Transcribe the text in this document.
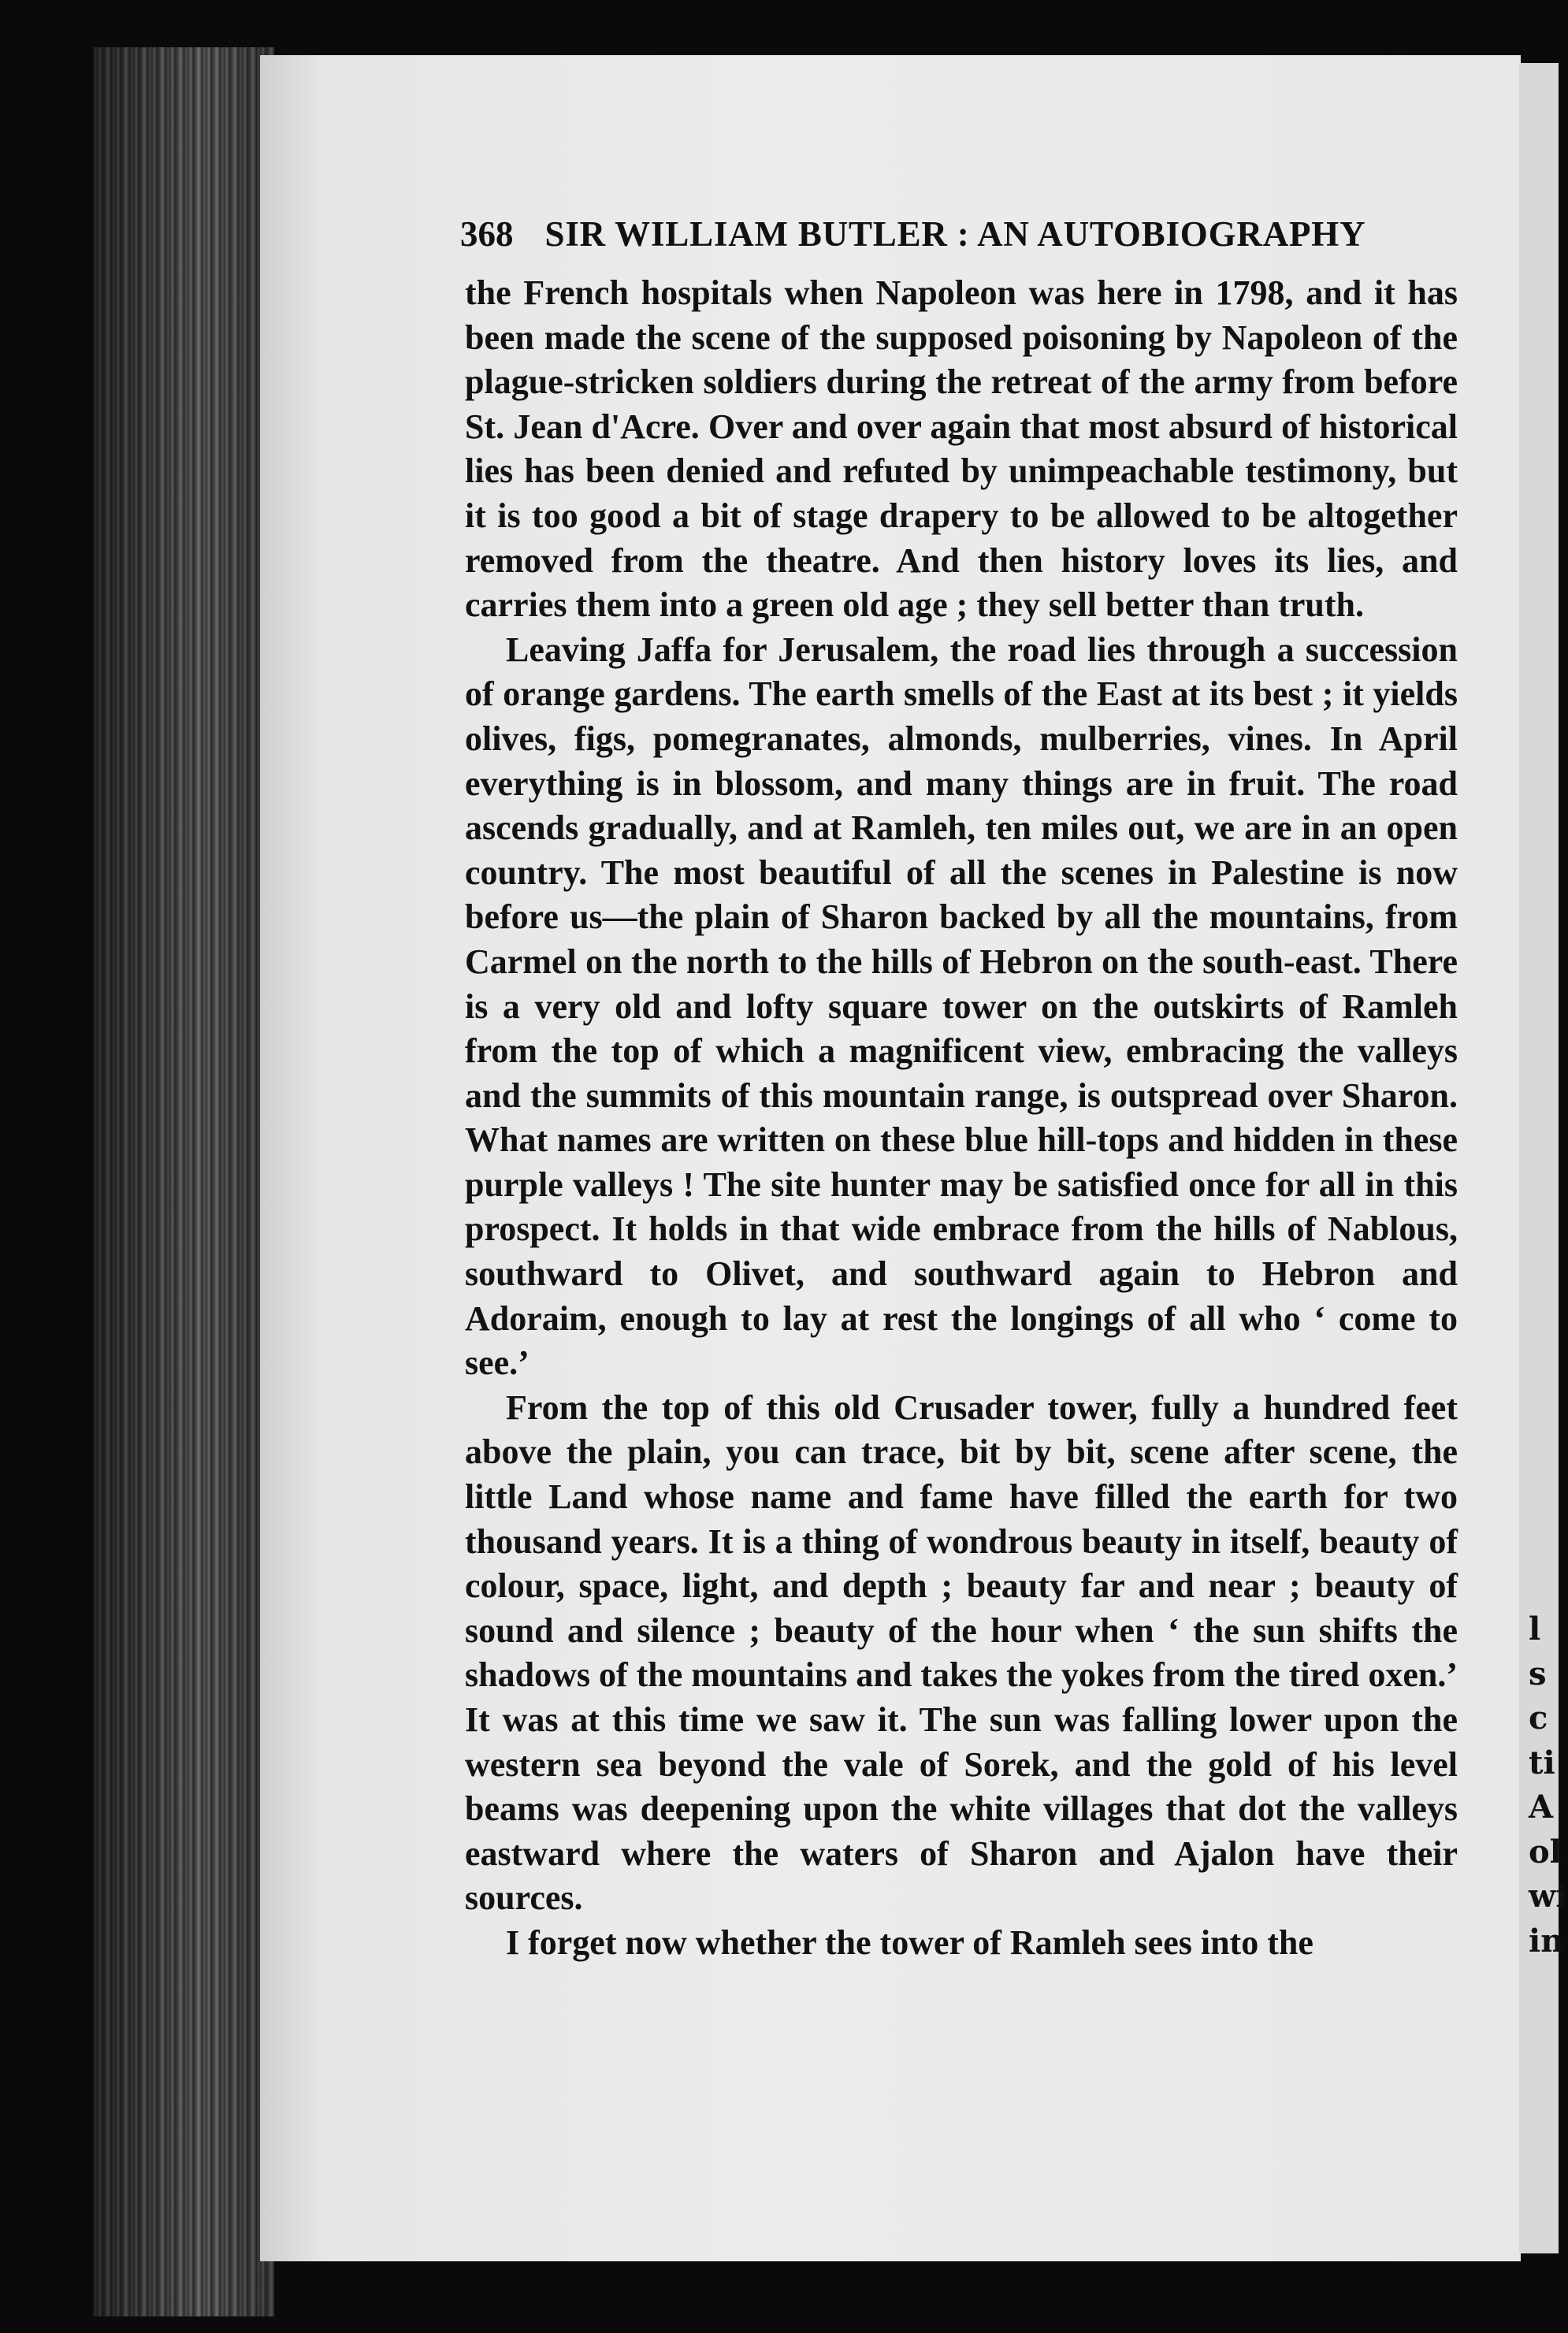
l
s
c
ti
A
ol
wi
in
368 SIR WILLIAM BUTLER : AN AUTOBIOGRAPHY

the French hospitals when Napoleon was here in 1798, and it has been made the scene of the supposed poisoning by Napoleon of the plague-stricken soldiers during the retreat of the army from before St. Jean d'Acre. Over and over again that most absurd of historical lies has been denied and refuted by unimpeachable testimony, but it is too good a bit of stage drapery to be allowed to be altogether removed from the theatre. And then history loves its lies, and carries them into a green old age ; they sell better than truth.

Leaving Jaffa for Jerusalem, the road lies through a succession of orange gardens. The earth smells of the East at its best ; it yields olives, figs, pomegranates, almonds, mulberries, vines. In April everything is in blossom, and many things are in fruit. The road ascends gradually, and at Ramleh, ten miles out, we are in an open country. The most beautiful of all the scenes in Palestine is now before us—the plain of Sharon backed by all the mountains, from Carmel on the north to the hills of Hebron on the south-east. There is a very old and lofty square tower on the outskirts of Ramleh from the top of which a magnificent view, embracing the valleys and the summits of this mountain range, is outspread over Sharon. What names are written on these blue hill-tops and hidden in these purple valleys ! The site hunter may be satisfied once for all in this prospect. It holds in that wide embrace from the hills of Nablous, southward to Olivet, and southward again to Hebron and Adoraim, enough to lay at rest the longings of all who ‘ come to see.’

From the top of this old Crusader tower, fully a hundred feet above the plain, you can trace, bit by bit, scene after scene, the little Land whose name and fame have filled the earth for two thousand years. It is a thing of wondrous beauty in itself, beauty of colour, space, light, and depth ; beauty far and near ; beauty of sound and silence ; beauty of the hour when ‘ the sun shifts the shadows of the mountains and takes the yokes from the tired oxen.’ It was at this time we saw it. The sun was falling lower upon the western sea beyond the vale of Sorek, and the gold of his level beams was deepening upon the white villages that dot the valleys eastward where the waters of Sharon and Ajalon have their sources.

I forget now whether the tower of Ramleh sees into the
